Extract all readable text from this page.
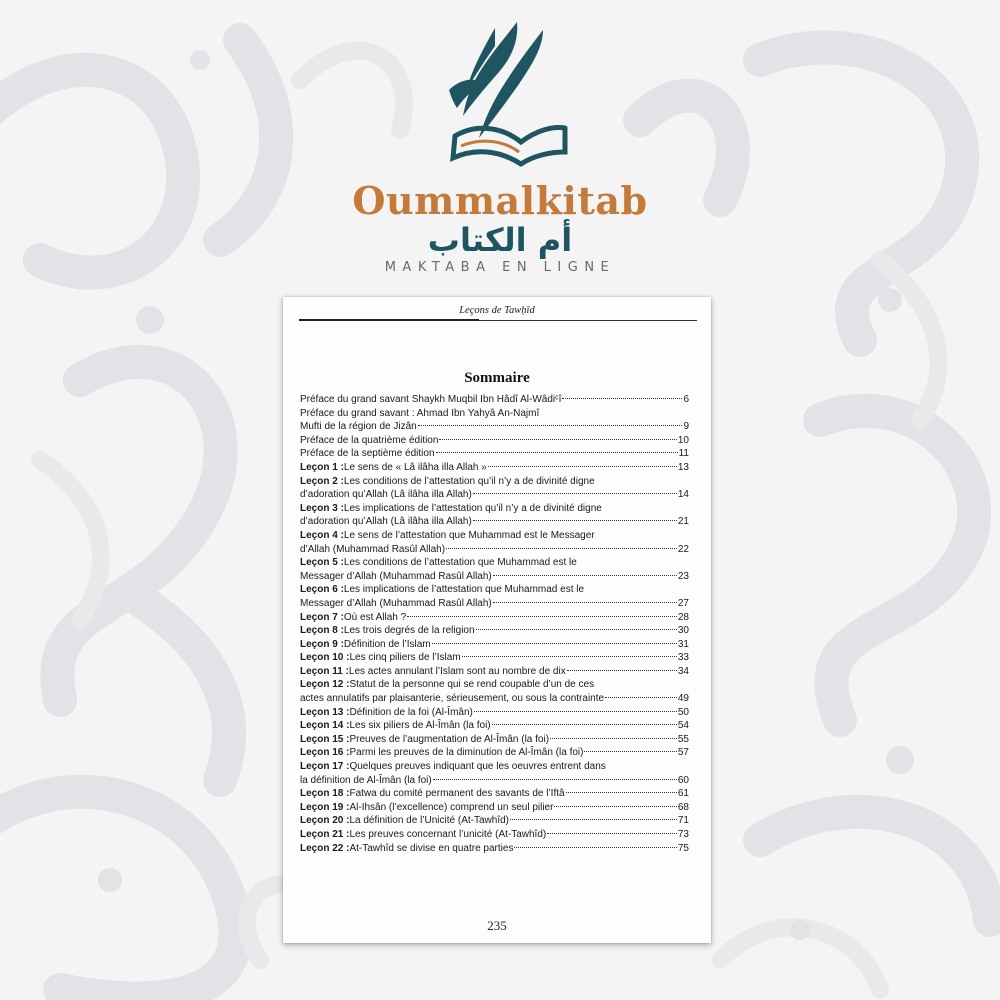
Oummalkitab
أم الكتاب
MAKTABA EN LIGNE
Leçons de Tawḥīd
Sommaire
Préface du grand savant Shaykh Muqbil Ibn Hâdî Al-Wâdiᶜî	6
Préface du grand savant : Ahmad Ibn Yahyâ An-Najmî
Mufti de la région de Jizân	9
Préface de la quatrième édition	10
Préface de la septième édition	11
Leçon 1 :Le sens de « Lâ ilâha illa Allah »	13
Leçon 2 :Les conditions de l’attestation qu’il n’y a de divinité digne
d’adoration qu’Allah (Lâ ilâha illa Allah)	14
Leçon 3 :Les implications de l’attestation qu’il n’y a de divinité digne
d’adoration qu’Allah (Lâ ilâha illa Allah)	21
Leçon 4 :Le sens de l’attestation que Muhammad est le Messager
d’Allah (Muhammad Rasûl Allah)	22
Leçon 5 :Les conditions de l’attestation que Muhammad est le
Messager d’Allah (Muhammad Rasûl Allah)	23
Leçon 6 :Les implications de l’attestation que Muhammad est le
Messager d’Allah (Muhammad Rasûl Allah)	27
Leçon 7 :Où est Allah ?	28
Leçon 8 :Les trois degrés de la religion	30
Leçon 9 :Définition de l’Islam	31
Leçon 10 :Les cinq piliers de l’Islam	33
Leçon 11 :Les actes annulant l’Islam sont au nombre de dix	34
Leçon 12 :Statut de la personne qui se rend coupable d’un de ces
actes annulatifs par plaisanterie, sérieusement, ou sous la contrainte	49
Leçon 13 :Définition de la foi (Al-Îmân)	50
Leçon 14 :Les six piliers de Al-Îmân (la foi)	54
Leçon 15 :Preuves de l’augmentation de Al-Îmân (la foi)	55
Leçon 16 :Parmi les preuves de la diminution de Al-Îmân (la foi)	57
Leçon 17 :Quelques preuves indiquant que les oeuvres entrent dans
la définition de Al-Îmân (la foi)	60
Leçon 18 :Fatwa du comité permanent des savants de l’Iftâ	61
Leçon 19 :Al-Ihsân (l’excellence) comprend un seul pilier	68
Leçon 20 :La définition de l’Unicité (At-Tawhîd)	71
Leçon 21 :Les preuves concernant l’unicité (At-Tawhîd)	73
Leçon 22 :At-Tawhîd se divise en quatre parties	75
235
